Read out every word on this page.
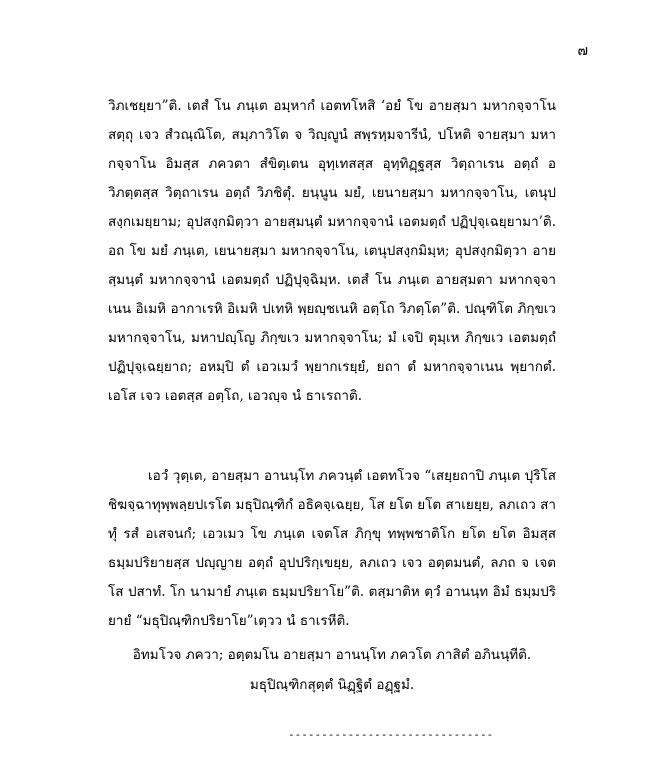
๗

วิภเชยฺยา”ติ. เตสํ โน ภนฺเต อมฺหากํ เอตทโหสิ ‘อยํ โข อายสฺมา มหากจฺจาโน สตฺถุ เจว สํวณฺณิโต, สมฺภาวิโต จ วิญฺญูนํ สพฺรหฺมจารีนํ, ปโหติ จายสฺมา มหากจฺจาโน อิมสฺส ภควตา สํขิตฺเตน อุทฺเทสสฺส อุทฺทิฏฺฐสฺส วิตฺถาเรน อตฺถํ อวิภตฺตสฺส วิตฺถาเรน อตฺถํ วิภชิตุํ. ยนฺนูน มยํ, เยนายสฺมา มหากจฺจาโน, เตนุปสงฺกเมยฺยาม; อุปสงฺกมิตฺวา อายสฺมนฺตํ มหากจฺจานํ เอตมตฺถํ ปฏิปุจฺเฉยฺยามา’ติ. อถ โข มยํ ภนฺเต, เยนายสฺมา มหากจฺจาโน, เตนุปสงฺกมิมฺห; อุปสงฺกมิตฺวา อายสฺมนฺตํ มหากจฺจานํ เอตมตฺถํ ปฏิปุจฺฉิมฺห. เตสํ โน ภนฺเต อายสฺมตา มหากจฺจาเนน อิเมหิ อากาเรหิ อิเมหิ ปเทหิ พฺยญฺชเนหิ อตฺโถ วิภตฺโต”ติ. ปณฺฑิโต ภิกฺขเว มหากจฺจาโน, มหาปญฺโญ ภิกฺขเว มหากจฺจาโน; มํ เจปิ ตุมฺเห ภิกฺขเว เอตมตฺถํ ปฏิปุจฺเฉยฺยาถ; อหมฺปิ ตํ เอวเมวํ พฺยากเรยฺยํ, ยถา ตํ มหากจฺจาเนน พฺยากตํ. เอโส เจว เอตสฺส อตฺโถ, เอวญฺจ นํ ธาเรถาติ.

เอวํ วุตฺเต, อายสฺมา อานนฺโท ภควนฺตํ เอตทโวจ “เสยฺยถาปิ ภนฺเต ปุริโส ชิฆจฺฉาทุพฺพลฺยปเรโต มธุปิณฺฑิกํ อธิคจฺเฉยฺย, โส ยโต ยโต สาเยยฺย, ลภเถว สาทุํ รสํ อเสจนกํ; เอวเมว โข ภนฺเต เจตโส ภิกฺขุ ทพฺพชาติโก ยโต ยโต อิมสฺส ธมฺมปริยายสฺส ปญฺญาย อตฺถํ อุปปริกฺเขยฺย, ลภเถว เจว อตฺตมนตํ, ลภถ จ เจตโส ปสาทํ. โก นามายํ ภนฺเต ธมฺมปริยาโย”ติ. ตสฺมาติห ตฺวํ อานนฺท อิมํ ธมฺมปริยายํ “มธุปิณฺฑิกปริยาโย”เตฺวว นํ ธาเรหีติ.

อิทมโวจ ภควา; อตฺตมโน อายสฺมา อานนฺโท ภควโต ภาสิตํ อภินนฺทีติ.
มธุปิณฺฑิกสุตฺตํ นิฏฺฐิตํ อฏฺฐมํ.

-------------------------------
